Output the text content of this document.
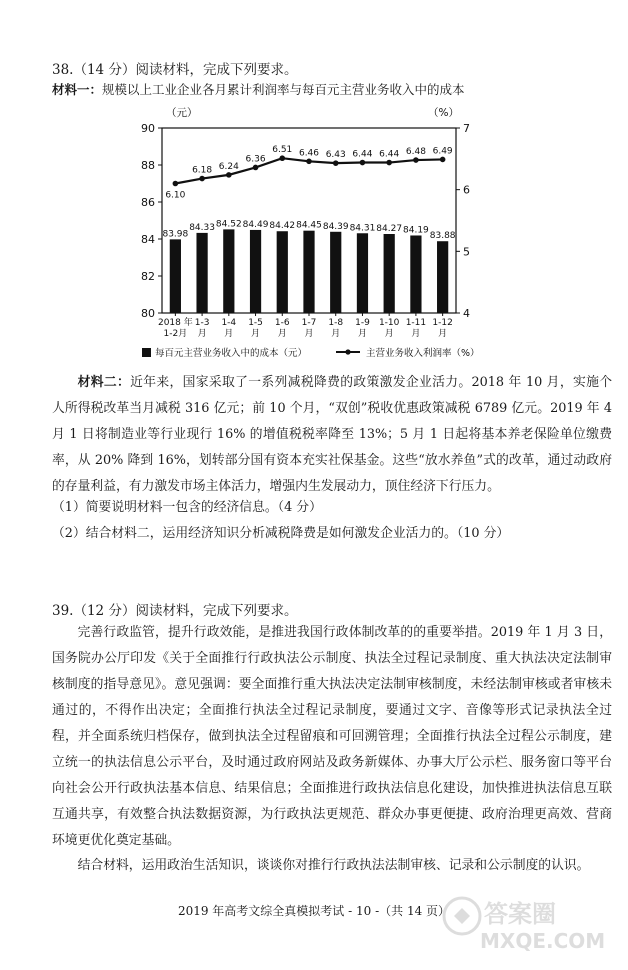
38.（14 分）阅读材料，完成下列要求。
材料一：规模以上工业企业各月累计利润率与每百元主营业务收入中的成本
80
82
84
86
88
90
4
5
6
7
（元）	（%）
83.98
84.33 84.52 84.49 84.42 84.45 84.39 84.31 84.27 84.19
83.88
6.10
6.18 6.24
6.36
6.51 6.46 6.43 6.44 6.44 6.48 6.49
2018 年
1-2月
1-3
月
1-4
月
1-5
月
1-6
月
1-7
月
1-8
月
1-9
月
1-10
月
1-11
月
1-12
月
每百元主营业务收入中的成本（元）	主营业务收入利润率（%）
材料二：近年来，国家采取了一系列减税降费的政策激发企业活力。2018 年 10 月，实施个人所得税改革当月减税 316 亿元；前 10 个月，“双创”税收优惠政策减税 6789 亿元。2019 年 4 月 1 日将制造业等行业现行 16% 的增值税税率降至 13%；5 月 1 日起将基本养老保险单位缴费率，从 20% 降到 16%，划转部分国有资本充实社保基金。这些“放水养鱼”式的改革，通过动政府的存量利益，有力激发市场主体活力，增强内生发展动力，顶住经济下行压力。
（1）简要说明材料一包含的经济信息。（4 分）
（2）结合材料二，运用经济知识分析减税降费是如何激发企业活力的。（10 分）
39.（12 分）阅读材料，完成下列要求。
完善行政监管，提升行政效能，是推进我国行政体制改革的的重要举措。2019 年 1 月 3 日，国务院办公厅印发《关于全面推行行政执法公示制度、执法全过程记录制度、重大执法决定法制审核制度的指导意见》。意见强调：要全面推行重大执法决定法制审核制度，未经法制审核或者审核未通过的，不得作出决定；全面推行执法全过程记录制度，要通过文字、音像等形式记录执法全过程，并全面系统归档保存，做到执法全过程留痕和可回溯管理；全面推行执法全过程公示制度，建立统一的执法信息公示平台，及时通过政府网站及政务新媒体、办事大厅公示栏、服务窗口等平台向社会公开行政执法基本信息、结果信息；全面推进行政执法信息化建设，加快推进执法信息互联互通共享，有效整合执法数据资源，为行政执法更规范、群众办事更便捷、政府治理更高效、营商环境更优化奠定基础。
结合材料，运用政治生活知识，谈谈你对推行行政执法法制审核、记录和公示制度的认识。
2019 年高考文综全真模拟考试 - 10 -（共 14 页）	答案圈
MXQE.COM
